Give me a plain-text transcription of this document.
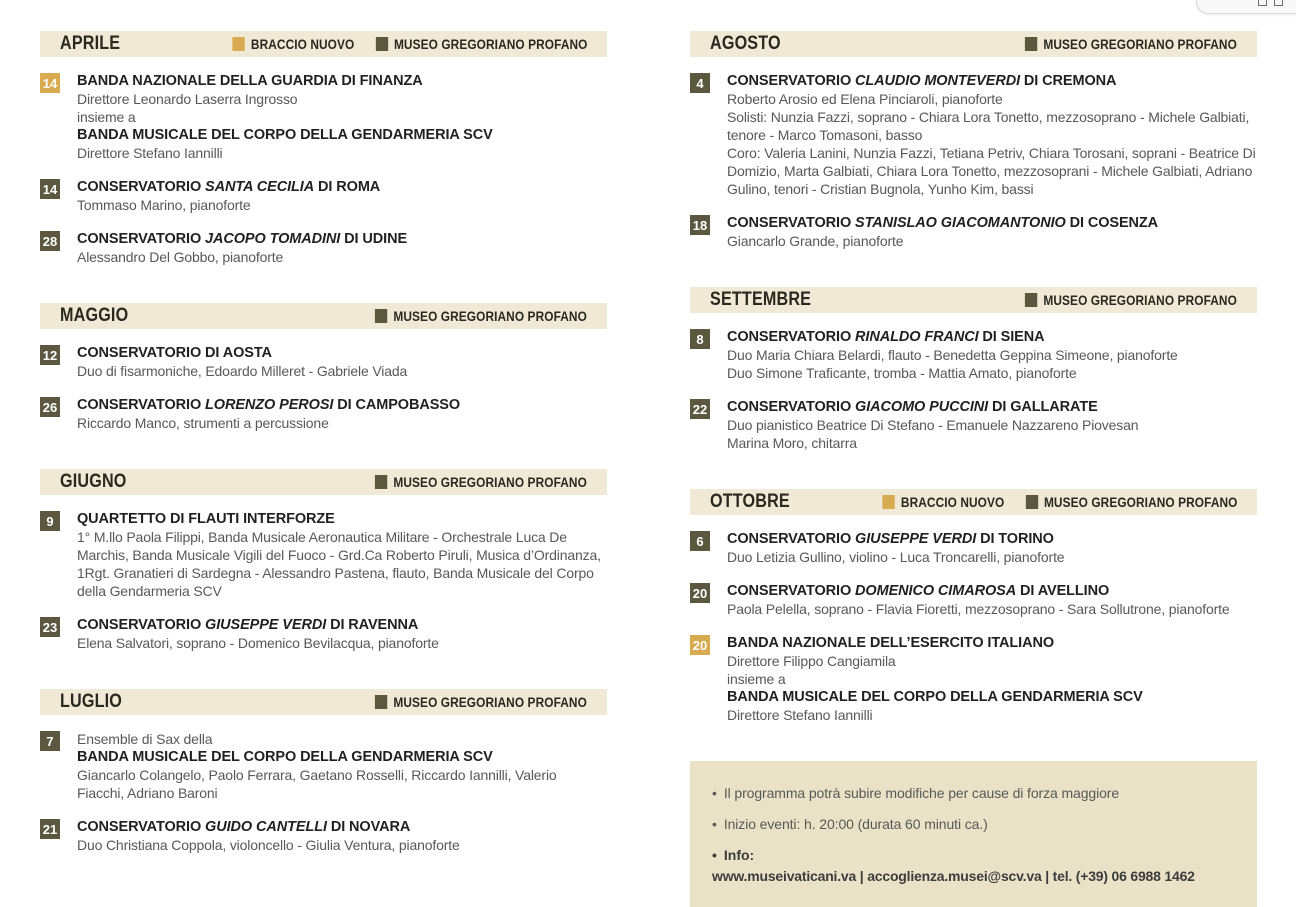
APRILE	BRACCIO NUOVO	MUSEO GREGORIANO PROFANO
14 BANDA NAZIONALE DELLA GUARDIA DI FINANZA
Direttore Leonardo Laserra Ingrosso
insieme a
BANDA MUSICALE DEL CORPO DELLA GENDARMERIA SCV
Direttore Stefano Iannilli
14 CONSERVATORIO SANTA CECILIA DI ROMA
Tommaso Marino, pianoforte
28 CONSERVATORIO JACOPO TOMADINI DI UDINE
Alessandro Del Gobbo, pianoforte
MAGGIO	MUSEO GREGORIANO PROFANO
12 CONSERVATORIO DI AOSTA
Duo di fisarmoniche, Edoardo Milleret - Gabriele Viada
26 CONSERVATORIO LORENZO PEROSI DI CAMPOBASSO
Riccardo Manco, strumenti a percussione
GIUGNO	MUSEO GREGORIANO PROFANO
9	QUARTETTO DI FLAUTI INTERFORZE
1° M.llo Paola Filippi, Banda Musicale Aeronautica Militare - Orchestrale Luca De Marchis, Banda Musicale Vigili del Fuoco - Grd.Ca Roberto Piruli, Musica d’Ordinanza, 1Rgt. Granatieri di Sardegna - Alessandro Pastena, flauto, Banda Musicale del Corpo della Gendarmeria SCV
23 CONSERVATORIO GIUSEPPE VERDI DI RAVENNA
Elena Salvatori, soprano - Domenico Bevilacqua, pianoforte
LUGLIO	MUSEO GREGORIANO PROFANO
7	Ensemble di Sax della
BANDA MUSICALE DEL CORPO DELLA GENDARMERIA SCV
Giancarlo Colangelo, Paolo Ferrara, Gaetano Rosselli, Riccardo Iannilli, Valerio Fiacchi, Adriano Baroni
21 CONSERVATORIO GUIDO CANTELLI DI NOVARA
Duo Christiana Coppola, violoncello - Giulia Ventura, pianoforte
AGOSTO	MUSEO GREGORIANO PROFANO
4	CONSERVATORIO CLAUDIO MONTEVERDI DI CREMONA
Roberto Arosio ed Elena Pinciaroli, pianoforte
Solisti: Nunzia Fazzi, soprano - Chiara Lora Tonetto, mezzosoprano - Michele Galbiati, tenore - Marco Tomasoni, basso
Coro: Valeria Lanini, Nunzia Fazzi, Tetiana Petriv, Chiara Torosani, soprani - Beatrice Di Domizio, Marta Galbiati, Chiara Lora Tonetto, mezzosoprani - Michele Galbiati, Adriano Gulino, tenori - Cristian Bugnola, Yunho Kim, bassi
18 CONSERVATORIO STANISLAO GIACOMANTONIO DI COSENZA
Giancarlo Grande, pianoforte
SETTEMBRE	MUSEO GREGORIANO PROFANO
8	CONSERVATORIO RINALDO FRANCI DI SIENA
Duo Maria Chiara Belardi, flauto - Benedetta Geppina Simeone, pianoforte
Duo Simone Traficante, tromba - Mattia Amato, pianoforte
22 CONSERVATORIO GIACOMO PUCCINI DI GALLARATE
Duo pianistico Beatrice Di Stefano - Emanuele Nazzareno Piovesan
Marina Moro, chitarra
OTTOBRE	BRACCIO NUOVO	MUSEO GREGORIANO PROFANO
6	CONSERVATORIO GIUSEPPE VERDI DI TORINO
Duo Letizia Gullino, violino - Luca Troncarelli, pianoforte
20 CONSERVATORIO DOMENICO CIMAROSA DI AVELLINO
Paola Pelella, soprano - Flavia Fioretti, mezzosoprano - Sara Sollutrone, pianoforte
20 BANDA NAZIONALE DELL’ESERCITO ITALIANO
Direttore Filippo Cangiamila
insieme a
BANDA MUSICALE DEL CORPO DELLA GENDARMERIA SCV
Direttore Stefano Iannilli
• Il programma potrà subire modifiche per cause di forza maggiore
• Inizio eventi: h. 20:00 (durata 60 minuti ca.)
• Info:
www.museivaticani.va | accoglienza.musei@scv.va | tel. (+39) 06 6988 1462
